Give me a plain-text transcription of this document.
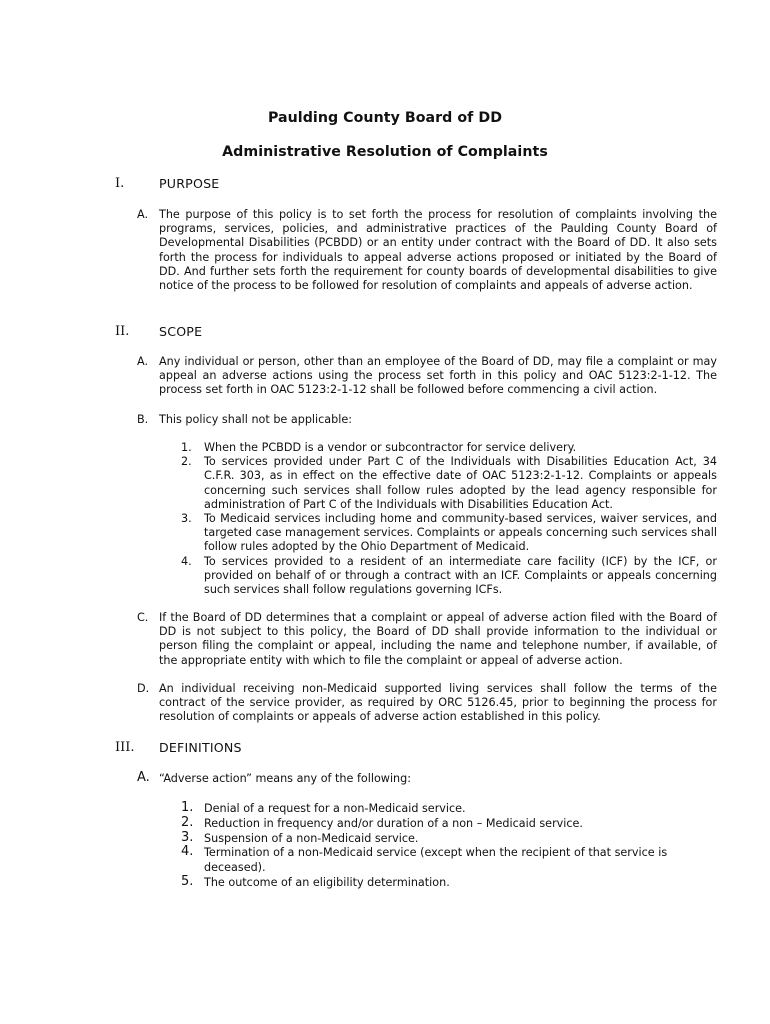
Paulding County Board of DD
Administrative Resolution of Complaints
I.	PURPOSE
A. The purpose of this policy is to set forth the process for resolution of complaints involving the programs, services, policies, and administrative practices of the Paulding County Board of Developmental Disabilities (PCBDD) or an entity under contract with the Board of DD. It also sets forth the process for individuals to appeal adverse actions proposed or initiated by the Board of DD. And further sets forth the requirement for county boards of developmental disabilities to give notice of the process to be followed for resolution of complaints and appeals of adverse action.
II. SCOPE
A. Any individual or person, other than an employee of the Board of DD, may file a complaint or may appeal an adverse actions using the process set forth in this policy and OAC 5123:2-1-12. The process set forth in OAC 5123:2-1-12 shall be followed before commencing a civil action.
B. This policy shall not be applicable:
1. When the PCBDD is a vendor or subcontractor for service delivery.
2. To services provided under Part C of the Individuals with Disabilities Education Act, 34 C.F.R. 303, as in effect on the effective date of OAC 5123:2-1-12. Complaints or appeals concerning such services shall follow rules adopted by the lead agency responsible for administration of Part C of the Individuals with Disabilities Education Act.
3. To Medicaid services including home and community-based services, waiver services, and targeted case management services. Complaints or appeals concerning such services shall follow rules adopted by the Ohio Department of Medicaid.
4. To services provided to a resident of an intermediate care facility (ICF) by the ICF, or provided on behalf of or through a contract with an ICF. Complaints or appeals concerning such services shall follow regulations governing ICFs.
C. If the Board of DD determines that a complaint or appeal of adverse action filed with the Board of DD is not subject to this policy, the Board of DD shall provide information to the individual or person filing the complaint or appeal, including the name and telephone number, if available, of the appropriate entity with which to file the complaint or appeal of adverse action.
D. An individual receiving non-Medicaid supported living services shall follow the terms of the contract of the service provider, as required by ORC 5126.45, prior to beginning the process for resolution of complaints or appeals of adverse action established in this policy.
III. DEFINITIONS
A. “Adverse action” means any of the following:
1. Denial of a request for a non-Medicaid service.
2. Reduction in frequency and/or duration of a non – Medicaid service.
3. Suspension of a non-Medicaid service.
4. Termination of a non-Medicaid service (except when the recipient of that service is deceased).
5. The outcome of an eligibility determination.
